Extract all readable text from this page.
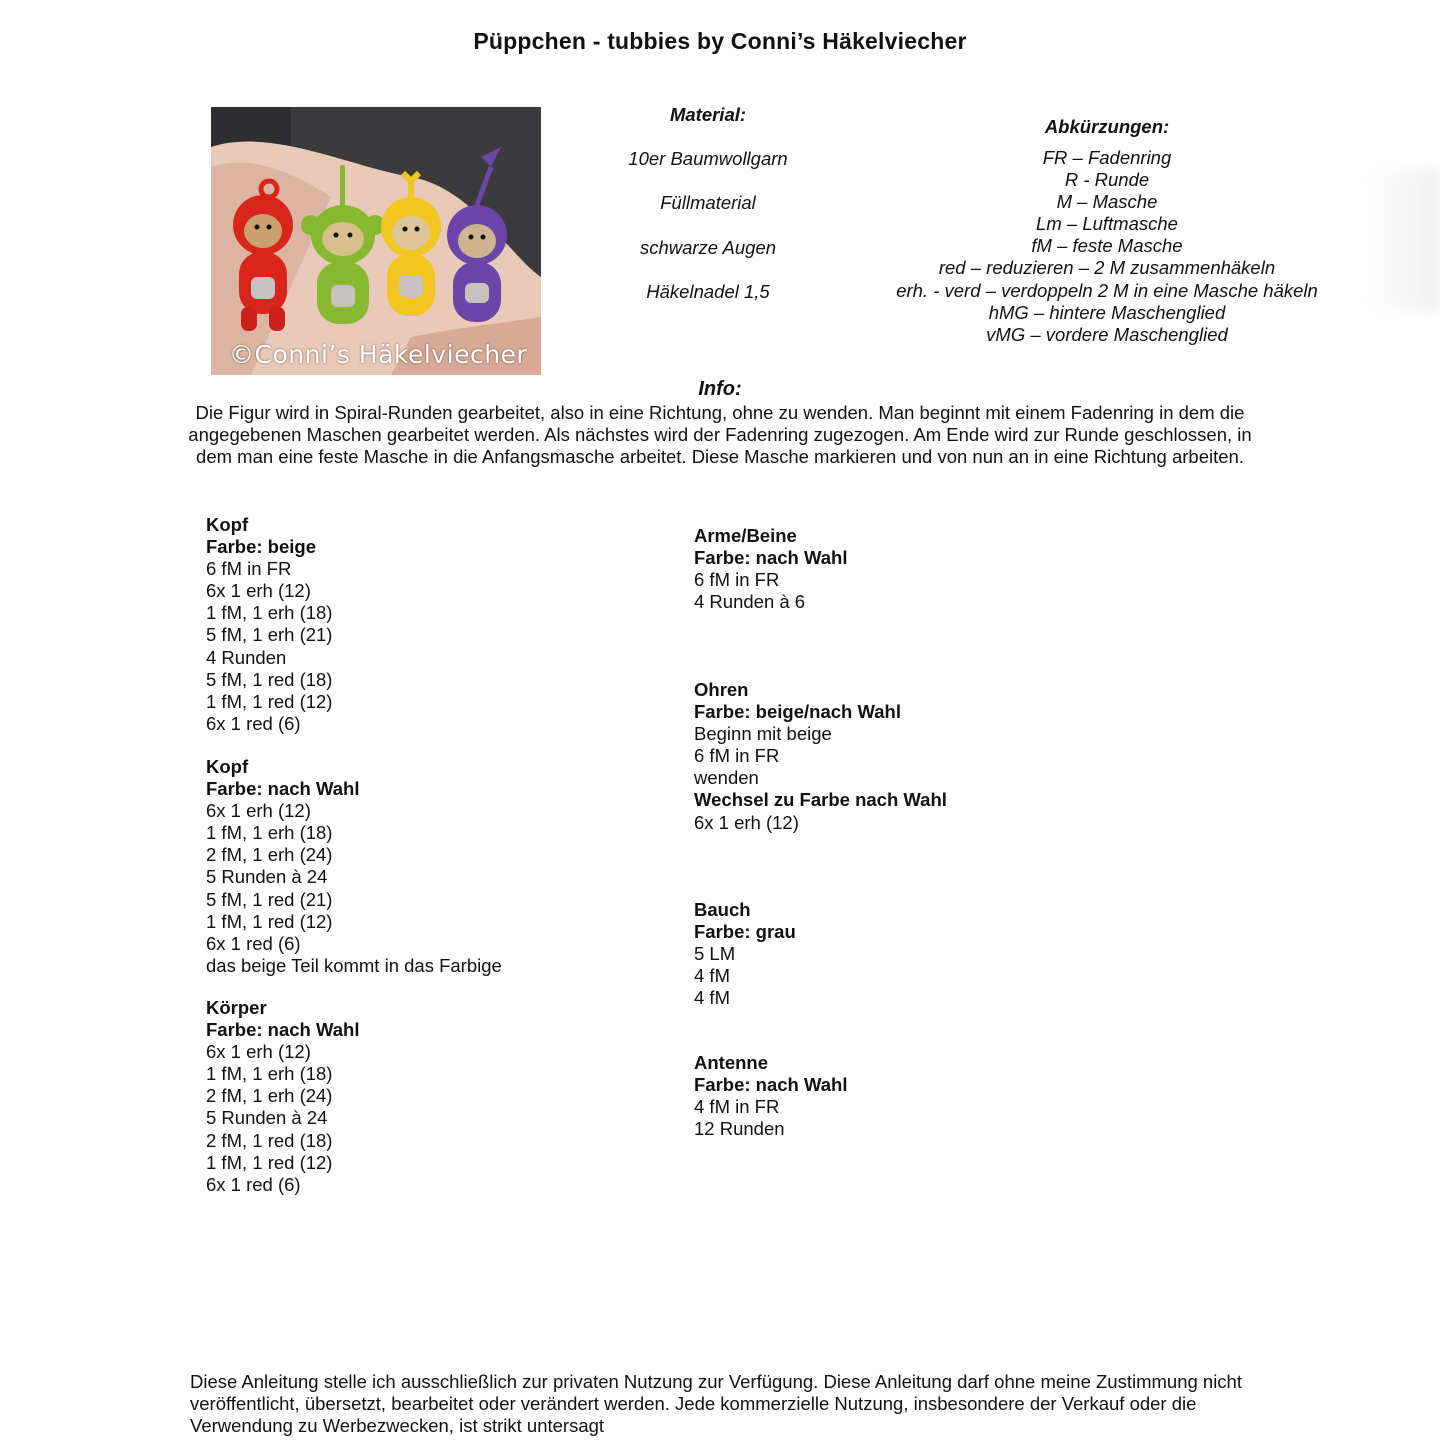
Püppchen - tubbies by Conni’s Häkelviecher
©Conni’s Häkelviecher
Material:
10er Baumwollgarn
Füllmaterial
schwarze Augen
Häkelnadel 1,5
Abkürzungen:
FR – Fadenring
R - Runde
M – Masche
Lm – Luftmasche
fM – feste Masche
red – reduzieren – 2 M zusammenhäkeln
erh. - verd – verdoppeln 2 M in eine Masche häkeln
hMG – hintere Maschenglied
vMG – vordere Maschenglied
Info:
Die Figur wird in Spiral-Runden gearbeitet, also in eine Richtung, ohne zu wenden. Man beginnt mit einem Fadenring in dem die angegebenen Maschen gearbeitet werden. Als nächstes wird der Fadenring zugezogen. Am Ende wird zur Runde geschlossen, in dem man eine feste Masche in die Anfangsmasche arbeitet. Diese Masche markieren und von nun an in eine Richtung arbeiten.
Kopf
Farbe: beige
6 fM in FR
6x 1 erh (12)
1 fM, 1 erh (18)
5 fM, 1 erh (21)
4 Runden
5 fM, 1 red (18)
1 fM, 1 red (12)
6x 1 red (6)
Kopf
Farbe: nach Wahl
6x 1 erh (12)
1 fM, 1 erh (18)
2 fM, 1 erh (24)
5 Runden à 24
5 fM, 1 red (21)
1 fM, 1 red (12)
6x 1 red (6)
das beige Teil kommt in das Farbige
Körper
Farbe: nach Wahl
6x 1 erh (12)
1 fM, 1 erh (18)
2 fM, 1 erh (24)
5 Runden à 24
2 fM, 1 red (18)
1 fM, 1 red (12)
6x 1 red (6)
Arme/Beine
Farbe: nach Wahl
6 fM in FR
4 Runden à 6
Ohren
Farbe: beige/nach Wahl
Beginn mit beige
6 fM in FR
wenden
Wechsel zu Farbe nach Wahl
6x 1 erh (12)
Bauch
Farbe: grau
5 LM
4 fM
4 fM
Antenne
Farbe: nach Wahl
4 fM in FR
12 Runden
Diese Anleitung stelle ich ausschließlich zur privaten Nutzung zur Verfügung. Diese Anleitung darf ohne meine Zustimmung nicht veröffentlicht, übersetzt, bearbeitet oder verändert werden. Jede kommerzielle Nutzung, insbesondere der Verkauf oder die Verwendung zu Werbezwecken, ist strikt untersagt
